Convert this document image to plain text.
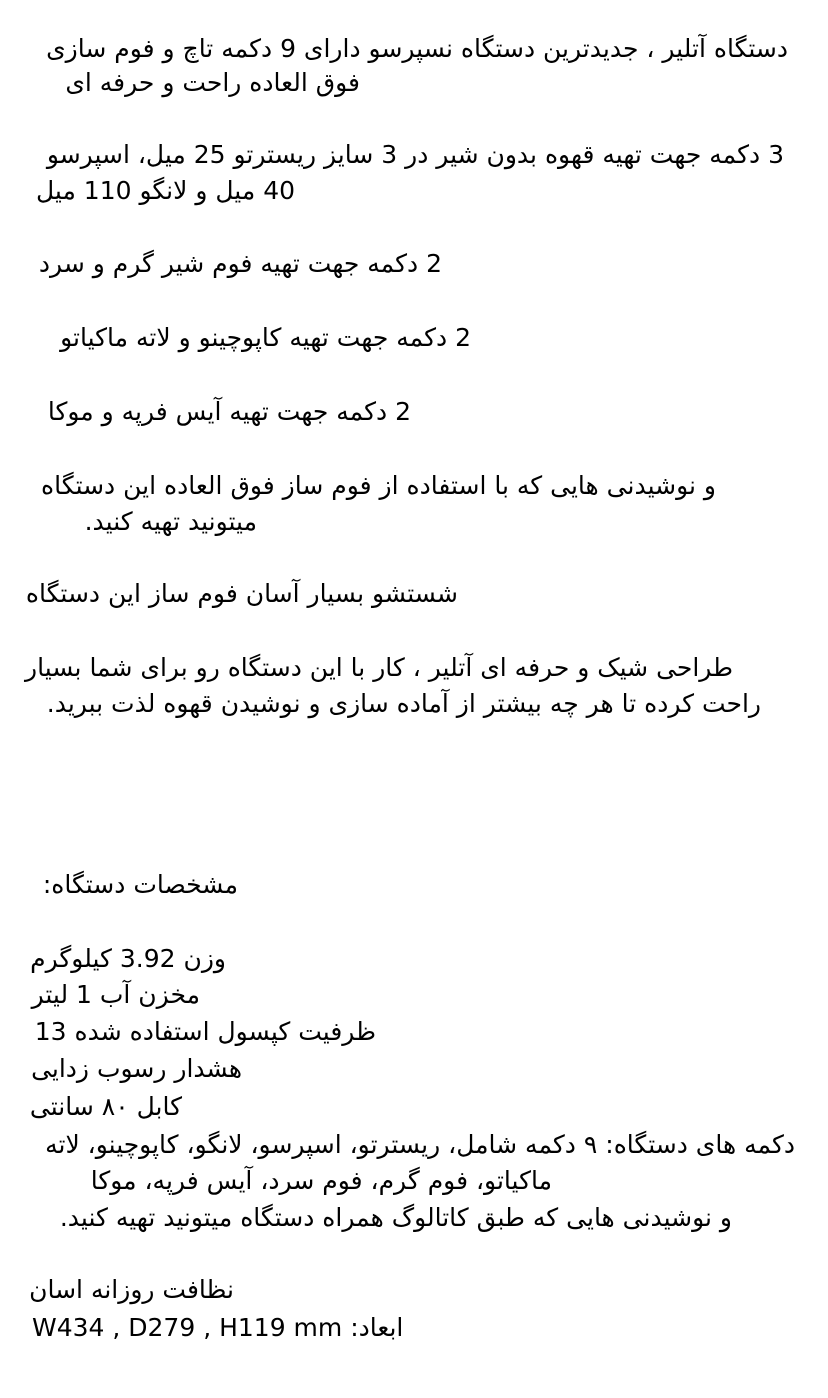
دستگاه آتلیر ، جدیدترین دستگاه نسپرسو دارای 9 دکمه تاچ و فوم سازی
فوق العاده راحت و حرفه ای
3 دکمه جهت تهیه قهوه بدون شیر در 3 سایز ریسترتو 25 میل، اسپرسو
40 میل و لانگو 110 میل
2 دکمه جهت تهیه فوم شیر گرم و سرد
2 دکمه جهت تهیه کاپوچینو و لاته ماکیاتو
2 دکمه جهت تهیه آیس فرپه و موکا
و نوشیدنی هایی که با استفاده از فوم ساز فوق العاده این دستگاه
میتونید تهیه کنید.
شستشو بسیار آسان فوم ساز این دستگاه
طراحی شیک و حرفه ای آتلیر ، کار با این دستگاه رو برای شما بسیار
راحت کرده تا هر چه بیشتر از آماده سازی و نوشیدن قهوه لذت ببرید.
مشخصات دستگاه:
وزن 3.92 کیلوگرم
مخزن آب 1 لیتر
ظرفیت کپسول استفاده شده 13
هشدار رسوب زدایی
کابل ۸۰ سانتی
دکمه های دستگاه: ۹ دکمه شامل، ریسترتو، اسپرسو، لانگو، کاپوچینو، لاته
ماکیاتو، فوم گرم، فوم سرد، آیس فرپه، موکا
و نوشیدنی هایی که طبق کاتالوگ همراه دستگاه میتونید تهیه کنید.
نظافت روزانه اسان
W434 , D279 , H119 mm ابعاد:
